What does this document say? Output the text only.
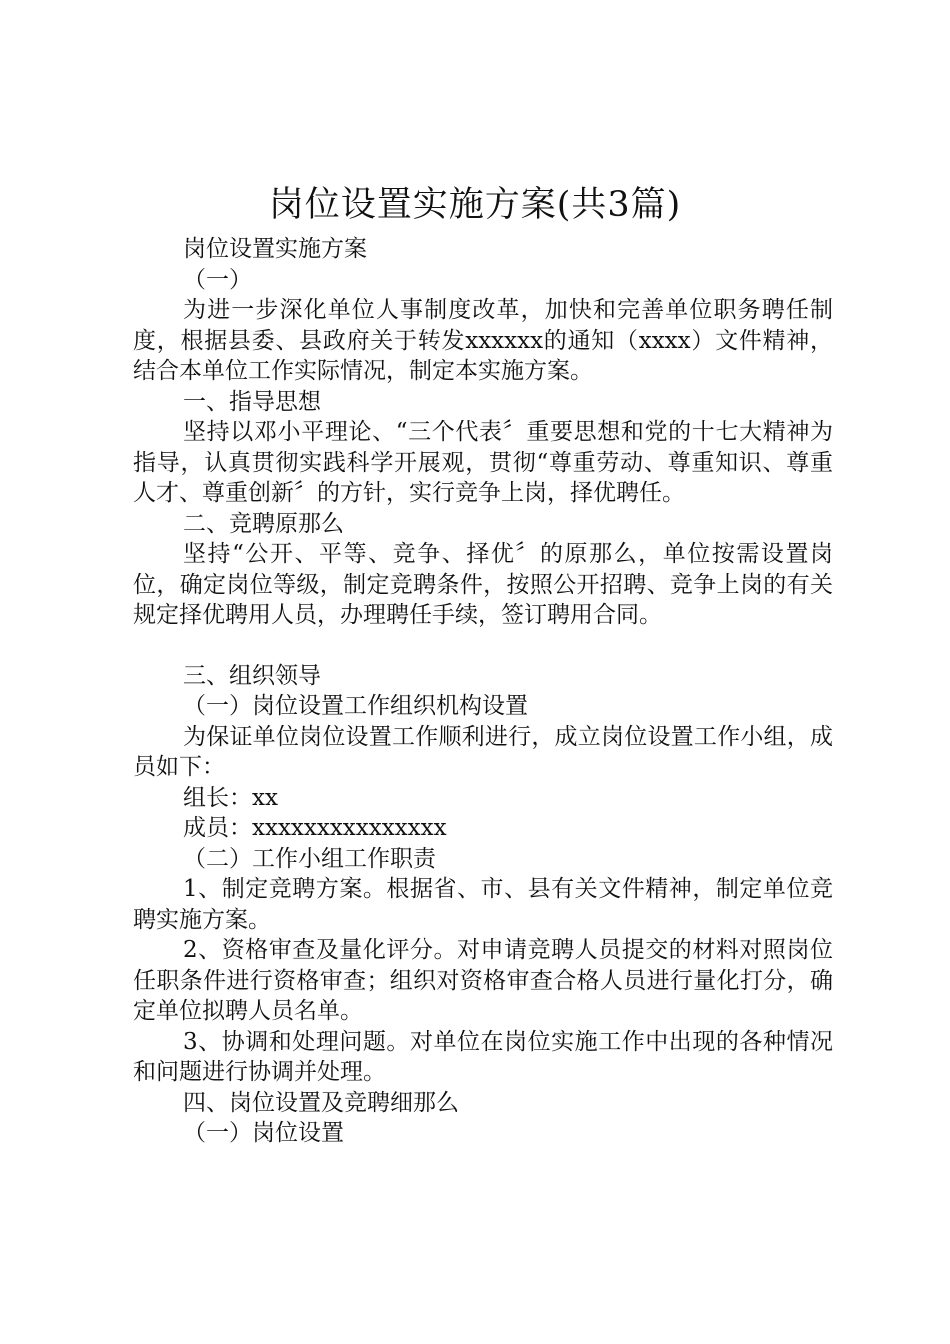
岗位设置实施方案(共3篇)

岗位设置实施方案

（一）

为进一步深化单位人事制度改革，加快和完善单位职务聘任制度，根据县委、县政府关于转发xxxxxx的通知（xxxx）文件精神，结合本单位工作实际情况，制定本实施方案。

一、指导思想

坚持以邓小平理论、“三个代表〞重要思想和党的十七大精神为指导，认真贯彻实践科学开展观，贯彻“尊重劳动、尊重知识、尊重人才、尊重创新〞的方针，实行竞争上岗，择优聘任。

二、竞聘原那么

坚持“公开、平等、竞争、择优〞的原那么，单位按需设置岗位，确定岗位等级，制定竞聘条件，按照公开招聘、竞争上岗的有关规定择优聘用人员，办理聘任手续，签订聘用合同。

三、组织领导

（一）岗位设置工作组织机构设置

为保证单位岗位设置工作顺利进行，成立岗位设置工作小组，成员如下：

组长：xx

成员：xxxxxxxxxxxxxxx

（二）工作小组工作职责

1、制定竞聘方案。根据省、市、县有关文件精神，制定单位竞聘实施方案。

2、资格审查及量化评分。对申请竞聘人员提交的材料对照岗位任职条件进行资格审查；组织对资格审查合格人员进行量化打分，确定单位拟聘人员名单。

3、协调和处理问题。对单位在岗位实施工作中出现的各种情况和问题进行协调并处理。

四、岗位设置及竞聘细那么

（一）岗位设置
